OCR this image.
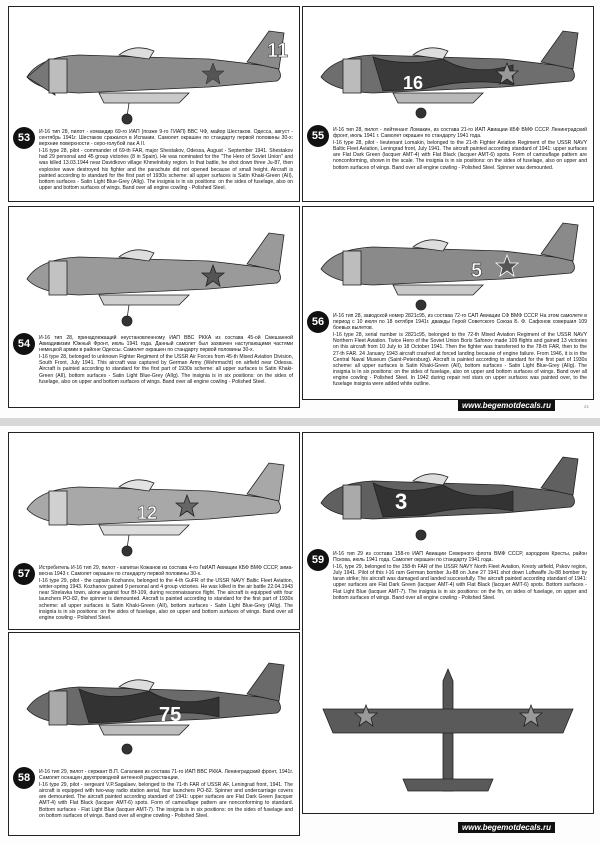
11
53	И-16 тип 28, пилот - командир 69-го ИАП (позже 9-го ГИАП) ВВС ЧФ, майор Шестаков. Одесса, август - сентябрь 1941г. Шестаков сражался в Испании. Самолет окрашен по стандарту первой половины 30-х: верхние поверхности - серо-голубой лак А II.

I-16 type 28, pilot - commander of 69-th FAR, major Shestakov, Odessa, August - September 1941. Shestakov had 29 personal and 45 group victories (8 in Spain). He was nominated for the "The Hero of Soviet Union" and was killed 13.03.1944 near Davidkovo village Khmelnitsky region. In that battle, he shot down three Ju-87, then explosive wave destroyed his fighter and the parachute did not opened because of small height. Aircraft is painted according to standard for the first part of 1930s scheme: all upper surfaces is Satin Khaki-Green (AII), bottom surfaces - Satin Light Blue-Grey (AIIg). The insignia is in six positions: on the sides of fuselage, also on upper and bottom surfaces of wings. Band over all engine cowling - Polished Steel.

54	И-16 тип 28, принадлежащий неустановленному ИАП ВВС РККА из состава 45-ой Смешанной Авиадивизии Южный Фронт, июль 1941 года. Данный самолет был захвачен наступающими частями немецкой армии в районе Одессы. Самолет окрашен по стандарту первой половины 30-х.

I-16 type 28, belonged to unknown Fighter Regiment of the USSR Air Forces from 45-th Mixed Aviation Division, South Front, July 1941. This aircraft was captured by German Army (Wehrmacht) on airfield near Odessa. Aircraft is painted according to standard for the first part of 1930s scheme: all upper surfaces is Satin Khaki-Green (AII), bottom surfaces - Satin Light Blue-Grey (AIIg). The insignia is in six positions: on the sides of fuselage, also on upper and bottom surfaces of wings. Band over all engine cowling - Polished Steel.

16
55	И-16 тип 28, пилот - лейтенант Ломакин, из состава 21-го ИАП Авиации КБФ ВМФ СССР. Ленинградский фронт, июль 1941 г. Самолет окрашен по стандарту 1941 года.

I-16 type 28, pilot - lieutenant Lomakin, belonged to the 21-th Fighter Aviation Regiment of the USSR NAVY Baltic Fleet Aviation, Leningrad front, July 1941. The aircraft painted according standard of 1941: upper surfaces are Flat Dark Green (lacquer AMT-4) with Flat Black (lacquer AMT-6) spots. Form of camouflage pattern are nonconforming, shown in the scale. The insignia is in six positions: on the sides of fuselage, also on upper and bottom surfaces of wings. Band over all engine cowling - Polished Steel. Spinner was demounted.

5
56	И-16 тип 28, заводской номер 2821c95, из состава 72-го САП Авиации СФ ВМФ СССР. На этом самолете в период с 10 июля по 18 октября 1941г. дважды Герой Советского Союза Б. Ф. Сафонов совершил 109 боевых вылетов.

I-16 type 28, serial number is 2821c95, belonged to the 72-th Mixed Aviation Regiment of the USSR NAVY Northern Fleet Aviation. Twice Hero of the Soviet Union Boris Safonov made 109 flights and gained 13 victories on this aircraft from 10 July to 18 October 1941. Then the fighter was transferred to the 78-th FAR, then to the 27-th FAR. 24 January 1943 aircraft crashed at forced landing because of engine failure. From 1946, it is in the Central Naval Museum (Saint-Petersburg). Aircraft is painted according to standard for the first part of 1930s scheme: all upper surfaces is Satin Khaki-Green (AII), bottom surfaces - Satin Light Blue-Grey (AIIg). The insignia is in six positions: on the sides of fuselage, also on upper and bottom surfaces of wings. Band over all engine cowling - Polished Steel. In 1942 during repair red stars on upper surfaces was painted over, to the fuselage insignia were added white outline.

www.begemotdecals.ru	23
12
57	Истребитель И-16 тип 29, пилот - капитан Кожанов из состава 4-го ГвИАП Авиации КБФ ВМФ СССР, зима-весна 1943 г. Самолет окрашен по стандарту первой половины 30-х.

I-16 type 29, pilot - the captain Kozhanov, belonged to the 4-th GuFR of the USSR NAVY Baltic Fleet Aviation, winter-spring 1943. Kozhanov gained 9 personal and 4 group victories. He was killed in the air battle 22.04.1943 near Strelavka town, alone against four Bf-109, during reconnaissance flight. The aircraft is equipped with four launchers PO-82, the spinner is demounted. Aircraft is painted according to standard for the first part of 1930s scheme: all upper surfaces is Satin Khaki-Green (AII), bottom surfaces - Satin Light Blue-Grey (AIIg). The insignia is in six positions: on the sides of fuselage, also on upper and bottom surfaces of wings. Band over all engine cowling - Polished Steel.

75
58	И-16 тип 29, пилот - сержант В.П. Сагалаев из состава 71-го ИАП ВВС РККА. Ленинградский фронт, 1941г. Самолет оснащен двухпроводной антенной радиостанции.

I-16 type 29, pilot - sergeant V.P.Sagalaev, belonged to the 71-th FAR of USSR AF, Leningrad front, 1941. The aircraft is equipped with two-way radio station aerial, four launchers PO-82. Spinner and undercarriage covers are demounted. The aircraft painted according standard of 1941: upper surfaces are Flat Dark Green (lacquer AMT-4) with Flat Black (lacquer AMT-6) spots. Form of camouflage pattern are nonconforming to standard. Bottom surfaces - Flat Light Blue (lacquer AMT-7). The insignia is in six positions: on the sides of fuselage and on bottom surfaces of wings. Band over all engine cowling - Polished Steel.

3
59	И-16 тип 29 из состава 158-го ИАП Авиации Северного флота ВМФ СССР, аэродром Кресты, район Пскова, июль 1941 года. Самолет окрашен по стандарту 1941 года.

I-16, type 29, belonged to the 158-th FAR of the USSR NAVY North Fleet Aviation, Kresty airfield, Pskov region, July 1941. Pilot of this I-16 ram German bomber Ju-88 on June 27 1941 shot down Luftwaffe Ju-88 bomber by taran strike; his aircraft was damaged and landed successfully. The aircraft painted according standard of 1941: upper surfaces are Flat Dark Green (lacquer AMT-4) with Flat Black (lacquer AMT-6) spots. Bottom surfaces - Flat Light Blue (lacquer AMT-7). The insignia is in six positions: on the fin, on sides of fuselage, on upper and bottom surfaces of wings. Band over all engine cowling - Polished Steel.

www.begemotdecals.ru
